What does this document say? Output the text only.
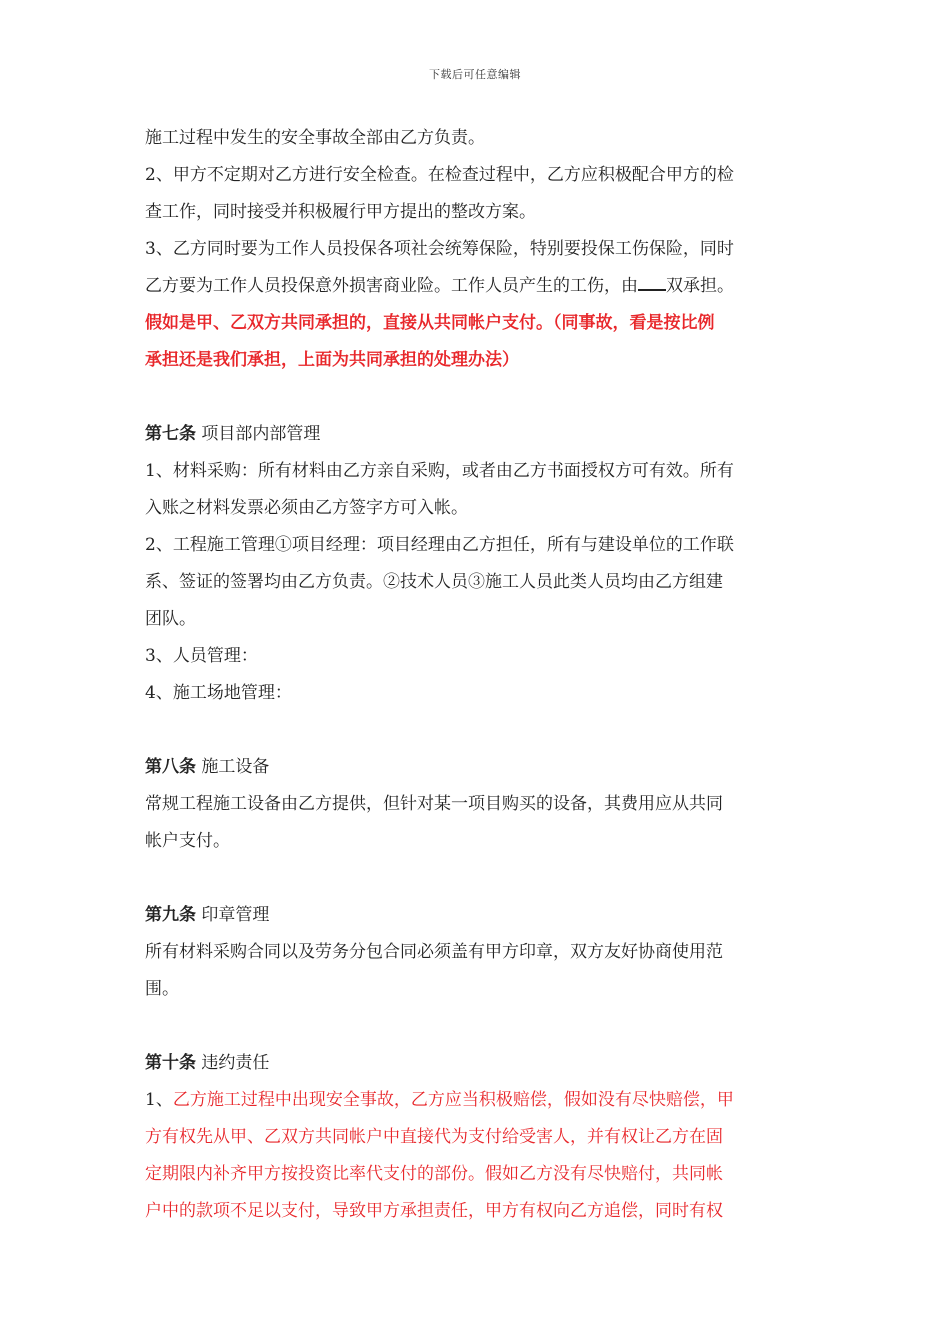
下载后可任意编辑
施工过程中发生的安全事故全部由乙方负责。
2、甲方不定期对乙方进行安全检查。在检查过程中，乙方应积极配合甲方的检
查工作，同时接受并积极履行甲方提出的整改方案。
3、乙方同时要为工作人员投保各项社会统筹保险，特别要投保工伤保险，同时
乙方要为工作人员投保意外损害商业险。工作人员产生的工伤，由 双承担。
假如是甲、乙双方共同承担的，直接从共同帐户支付。（同事故，看是按比例
承担还是我们承担，上面为共同承担的处理办法）
第七条 项目部内部管理
1、材料采购：所有材料由乙方亲自采购，或者由乙方书面授权方可有效。所有
入账之材料发票必须由乙方签字方可入帐。
2、工程施工管理①项目经理：项目经理由乙方担任，所有与建设单位的工作联
系、签证的签署均由乙方负责。②技术人员③施工人员此类人员均由乙方组建
团队。
3、人员管理：
4、施工场地管理：
第八条 施工设备
常规工程施工设备由乙方提供，但针对某一项目购买的设备，其费用应从共同
帐户支付。
第九条 印章管理
所有材料采购合同以及劳务分包合同必须盖有甲方印章，双方友好协商使用范
围。
第十条 违约责任
1、乙方施工过程中出现安全事故，乙方应当积极赔偿，假如没有尽快赔偿，甲
方有权先从甲、乙双方共同帐户中直接代为支付给受害人，并有权让乙方在固
定期限内补齐甲方按投资比率代支付的部份。假如乙方没有尽快赔付，共同帐
户中的款项不足以支付，导致甲方承担责任，甲方有权向乙方追偿，同时有权
